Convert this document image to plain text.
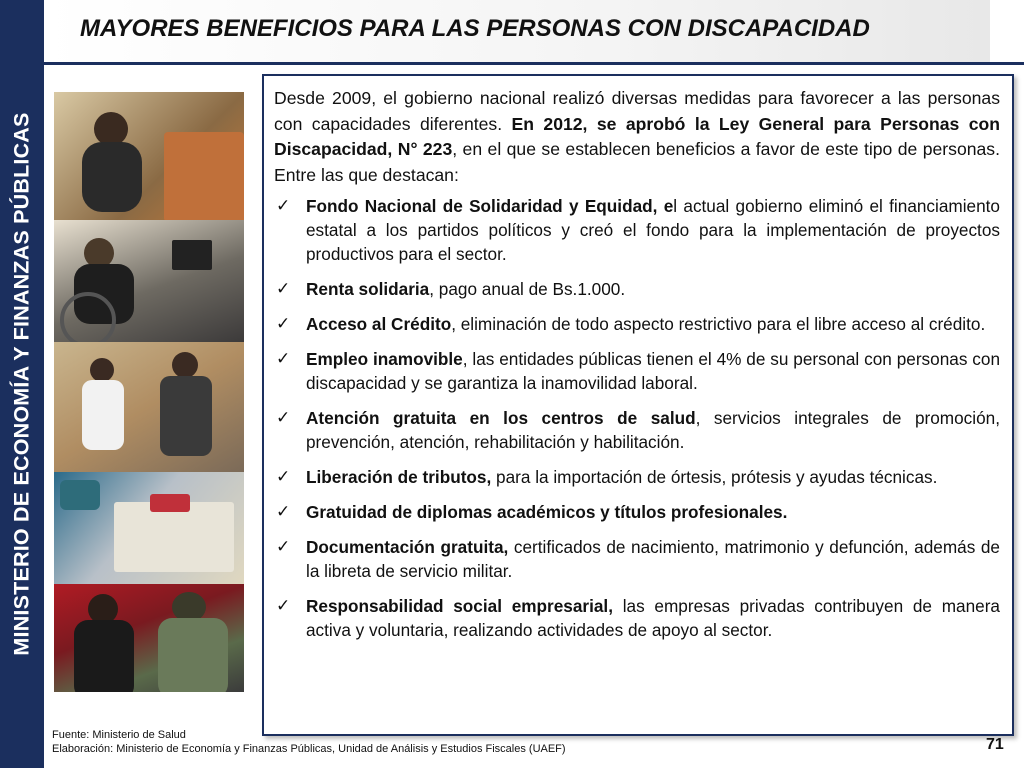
MINISTERIO DE ECONOMÍA Y FINANZAS PÚBLICAS
MAYORES BENEFICIOS PARA LAS PERSONAS CON DISCAPACIDAD

Desde 2009, el gobierno nacional realizó diversas medidas para favorecer a las personas con capacidades diferentes. En 2012, se aprobó la Ley General para Personas con Discapacidad, N° 223, en el que se establecen beneficios a favor de este tipo de personas. Entre las que destacan:

✓ Fondo Nacional de Solidaridad y Equidad, el actual gobierno eliminó el financiamiento estatal a los partidos políticos y creó el fondo para la implementación de proyectos productivos para el sector.
✓ Renta solidaria, pago anual de Bs.1.000.
✓ Acceso al Crédito, eliminación de todo aspecto restrictivo para el libre acceso al crédito.
✓ Empleo inamovible, las entidades públicas tienen el 4% de su personal con personas con discapacidad y se garantiza la inamovilidad laboral.
✓ Atención gratuita en los centros de salud, servicios integrales de promoción, prevención, atención, rehabilitación y habilitación.
✓ Liberación de tributos, para la importación de órtesis, prótesis y ayudas técnicas.
✓ Gratuidad de diplomas académicos y títulos profesionales.
✓ Documentación gratuita, certificados de nacimiento, matrimonio y defunción, además de la libreta de servicio militar.
✓ Responsabilidad social empresarial, las empresas privadas contribuyen de manera activa y voluntaria, realizando actividades de apoyo al sector.
Fuente: Ministerio de Salud
Elaboración: Ministerio de Economía y Finanzas Públicas, Unidad de Análisis y Estudios Fiscales (UAEF)	71
